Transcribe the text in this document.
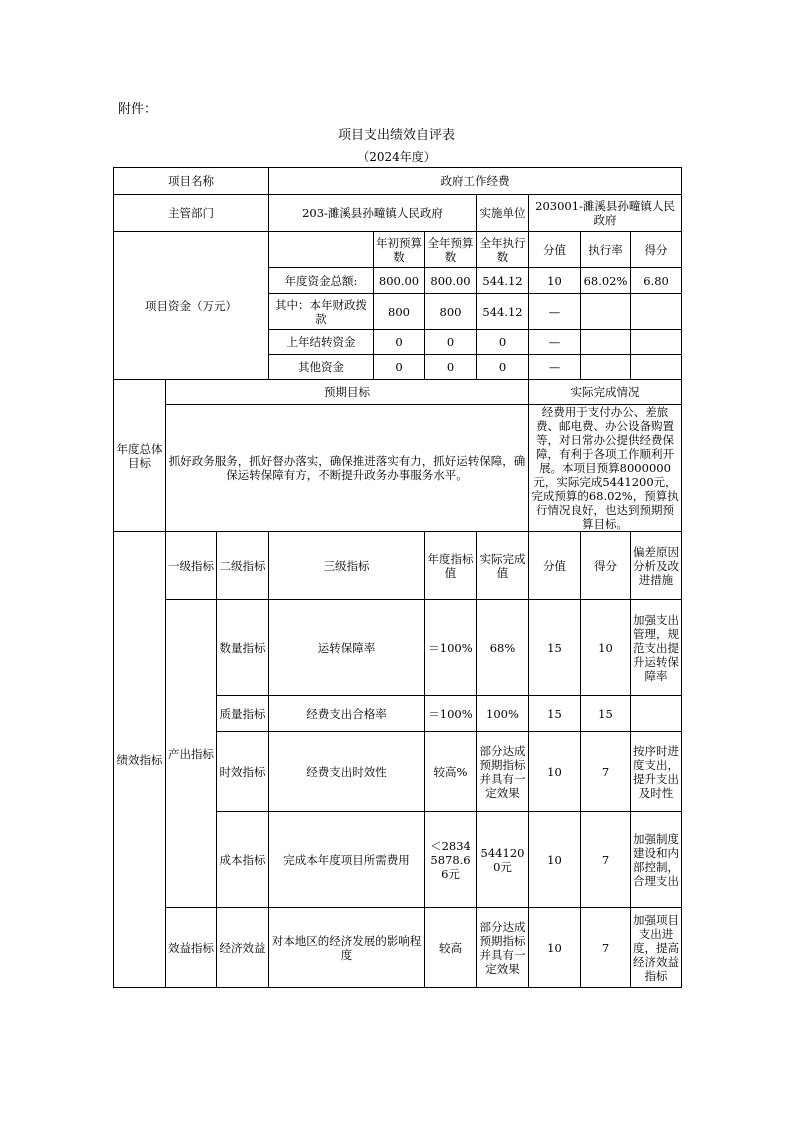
附件：
项目支出绩效自评表
（2024年度）
项目名称			政府工作经费						
主管部门			203-濉溪县孙疃镇人民政府			实施单位	203001-濉溪县孙疃镇人民政府		
项目资金（万元）				年初预算数	全年预算数	全年执行数	分值	执行率	得分
			年度资金总额:	800.00	800.00	544.12	10	68.02%	6.80
			其中：本年财政拨款	800	800	544.12	—		
			上年结转资金	0	0	0	—		
			其他资金	0	0	0	—		
年度总体目标	预期目标						实际完成情况		
	抓好政务服务，抓好督办落实，确保推进落实有力，抓好运转保障，确保运转保障有方，不断提升政务办事服务水平。						经费用于支付办公、差旅费、邮电费、办公设备购置等，对日常办公提供经费保障，有利于各项工作顺利开展。本项目预算8000000元，实际完成5441200元，完成预算的68.02%，预算执行情况良好，也达到预期预算目标。		
绩效指标	一级指标	二级指标	三级指标		年度指标值	实际完成值	分值	得分	偏差原因分析及改进措施
	产出指标	数量指标	运转保障率		＝100%	68%	15	10	加强支出管理，规范支出提升运转保障率
		质量指标	经费支出合格率		＝100%	100%	15	15	
		时效指标	经费支出时效性		较高%	部分达成预期指标并具有一定效果	10	7	按序时进度支出，提升支出及时性
		成本指标	完成本年度项目所需费用		＜28345878.66元	5441200元	10	7	加强制度建设和内部控制，合理支出
	效益指标	经济效益	对本地区的经济发展的影响程度		较高	部分达成预期指标并具有一定效果	10	7	加强项目支出进度，提高经济效益指标
